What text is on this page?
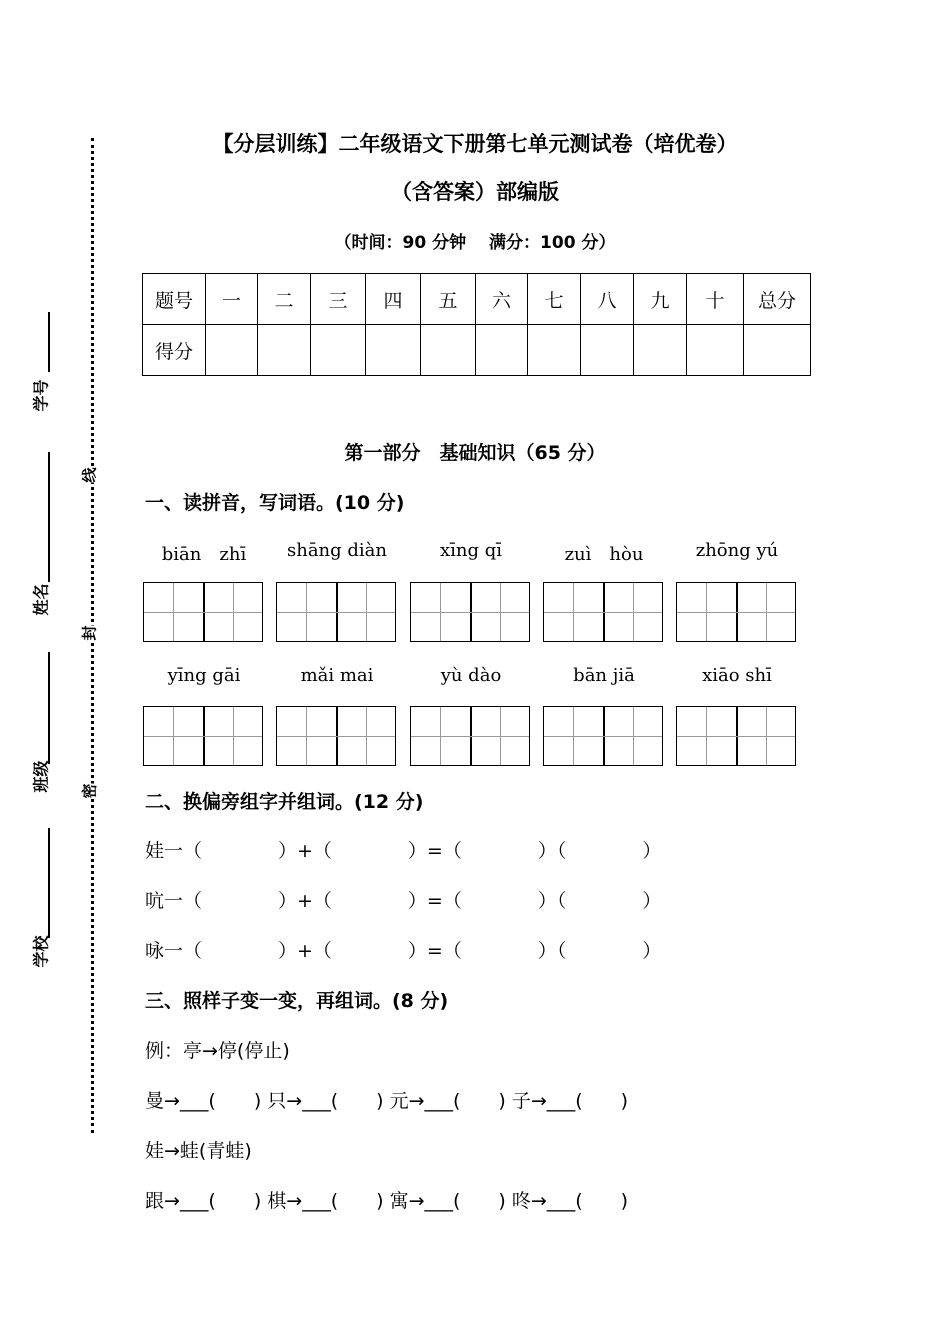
【分层训练】二年级语文下册第七单元测试卷（培优卷）
（含答案）部编版
（时间：90 分钟　 满分：100 分）
学号
姓名
班级
学校
线
封
密
题号	一	二	三	四	五	六	七	八	九	十	总分
得分											
第一部分　基础知识（65 分）
一、读拼音，写词语。(10 分)
biān　zhī	shāng diàn	xīng qī	zuì　hòu	zhōng yú
yīng gāi	mǎi mai	yù dào	bān jiā	xiāo shī
二、换偏旁组字并组词。(12 分)
娃一（　　　　）+（　　　　）=（　　　　）（　　　　）
吭一（　　　　）+（　　　　）=（　　　　）（　　　　）
咏一（　　　　）+（　　　　）=（　　　　）（　　　　）
三、照样子变一变，再组词。(8 分)
例：亭→停(停止)
曼→___(　　) 只→___(　　) 元→___(　　) 子→___(　　)
娃→蛙(青蛙)
跟→___(　　) 棋→___(　　) 寓→___(　　) 咚→___(　　)
